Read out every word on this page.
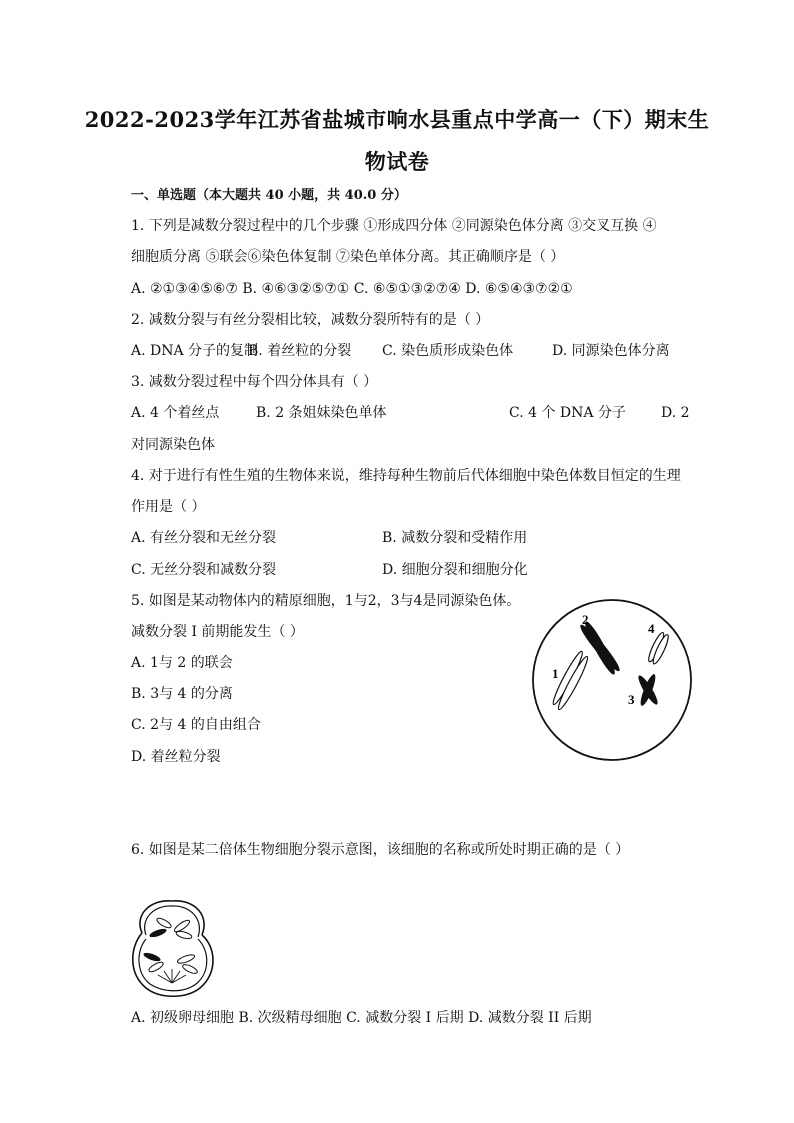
2022-2023学年江苏省盐城市响水县重点中学高一（下）期末生
物试卷
一、单选题（本大题共 40 小题，共 40.0 分）
1. 下列是减数分裂过程中的几个步骤 ①形成四分体 ②同源染色体分离 ③交叉互换 ④
细胞质分离 ⑤联会⑥染色体复制 ⑦染色单体分离。其正确顺序是（ ）
A. ②①③④⑤⑥⑦ B. ④⑥③②⑤⑦① C. ⑥⑤①③②⑦④ D. ⑥⑤④③⑦②①
2. 减数分裂与有丝分裂相比较，减数分裂所特有的是（ ）
A. DNA 分子的复制
B. 着丝粒的分裂 C. 染色质形成染色体	D. 同源染色体分离
3. 减数分裂过程中每个四分体具有（ ）
A. 4 个着丝点	B. 2 条姐妹染色单体	C. 4 个 DNA 分子	D. 2
对同源染色体
4. 对于进行有性生殖的生物体来说，维持每种生物前后代体细胞中染色体数目恒定的生理
作用是（ ）
A. 有丝分裂和无丝分裂	B. 减数分裂和受精作用
C. 无丝分裂和减数分裂	D. 细胞分裂和细胞分化
5. 如图是某动物体内的精原细胞，1与2，3与4是同源染色体。
减数分裂 I 前期能发生（ ）
A. 1与 2 的联会
B. 3与 4 的分离
C. 2与 4 的自由组合
D. 着丝粒分裂
1
2
3
4
6. 如图是某二倍体生物细胞分裂示意图，该细胞的名称或所处时期正确的是（ ）
A. 初级卵母细胞 B. 次级精母细胞 C. 减数分裂 I 后期 D. 减数分裂 II 后期
